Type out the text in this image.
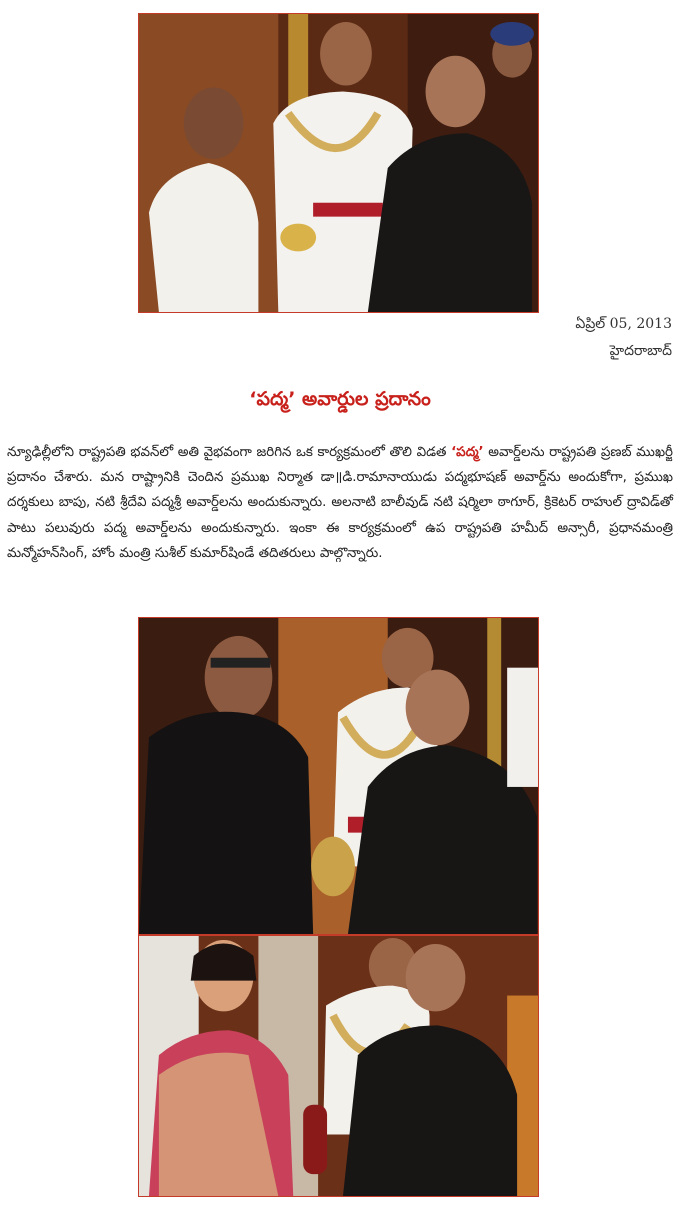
ఏప్రిల్ 05, 2013
హైదరాబాద్
‘పద్మ’ అవార్డుల ప్రదానం
న్యూఢిల్లీలోని రాష్ట్రపతి భవన్‌లో అతి వైభవంగా జరిగిన ఒక కార్యక్రమంలో తొలి విడత ‘పద్మ’ అవార్డ్‌లను రాష్ట్రపతి ప్రణబ్ ముఖర్జీ ప్రదానం చేశారు. మన రాష్ట్రానికి చెందిన ప్రముఖ నిర్మాత డా॥డి.రామానాయుడు పద్మభూషణ్ అవార్డ్‌ను అందుకోగా, ప్రముఖ దర్శకులు బాపు, నటి శ్రీదేవి పద్మశ్రీ అవార్డ్‌లను అందుకున్నారు. అలనాటి బాలీవుడ్ నటి షర్మిలా ఠాగూర్, క్రికెటర్ రాహుల్ ద్రావిడ్‌తో పాటు పలువురు పద్మ అవార్డ్‌లను అందుకున్నారు. ఇంకా ఈ కార్యక్రమంలో ఉప రాష్ట్రపతి హమీద్ అన్సారీ, ప్రధానమంత్రి మన్మోహన్‌సింగ్, హోం మంత్రి సుశీల్ కుమార్‌షిండే తదితరులు పాల్గొన్నారు.
